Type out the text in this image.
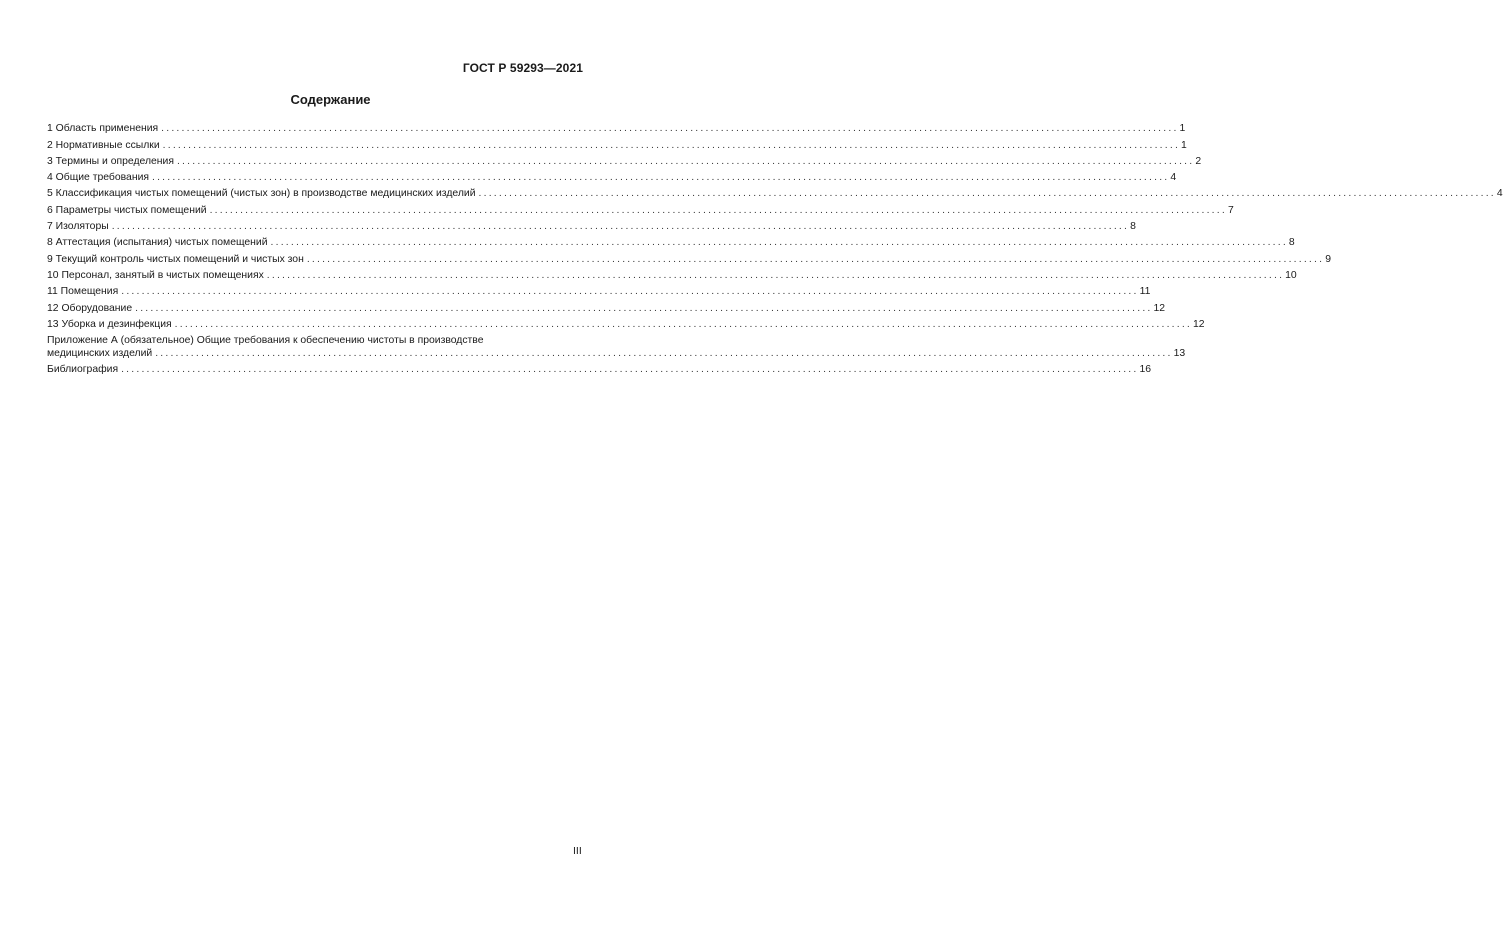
ГОСТ Р 59293—2021
Содержание
1 Область применения ........................................................................................................................................................................................................ 1
2 Нормативные ссылки ........................................................................................................................................................................................................ 1
3 Термины и определения ........................................................................................................................................................................................................ 2
4 Общие требования ........................................................................................................................................................................................................ 4
5 Классификация чистых помещений (чистых зон) в производстве медицинских изделий ........................................................................................................................................................................................................ 4
6 Параметры чистых помещений ........................................................................................................................................................................................................ 7
7 Изоляторы ........................................................................................................................................................................................................ 8
8 Аттестация (испытания) чистых помещений ........................................................................................................................................................................................................ 8
9 Текущий контроль чистых помещений и чистых зон ........................................................................................................................................................................................................ 9
10 Персонал, занятый в чистых помещениях ........................................................................................................................................................................................................ 10
11 Помещения ........................................................................................................................................................................................................ 11
12 Оборудование ........................................................................................................................................................................................................ 12
13 Уборка и дезинфекция ........................................................................................................................................................................................................ 12
Приложение А (обязательное) Общие требования к обеспечению чистоты в производстве
медицинских изделий ........................................................................................................................................................................................................ 13
Библиография ........................................................................................................................................................................................................ 16
III
